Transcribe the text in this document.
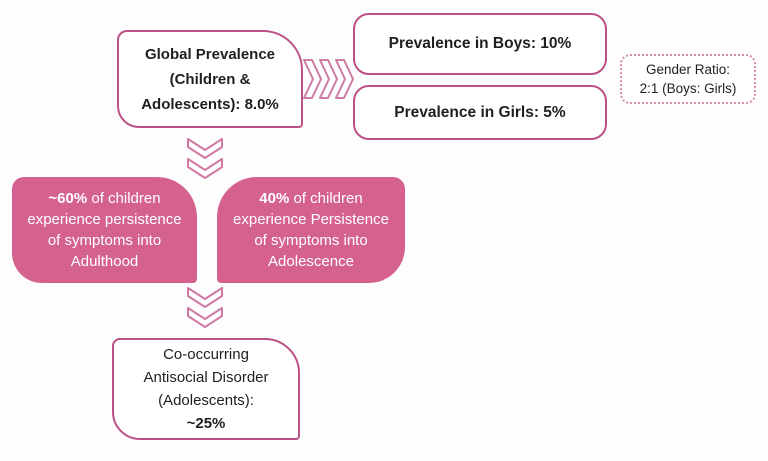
Global Prevalence
(Children &
Adolescents): 8.0%
Prevalence in Boys: 10%
Prevalence in Girls: 5%
Gender Ratio:
2:1 (Boys: Girls)
~60% of children
experience persistence
of symptoms into
Adulthood
40% of children
experience Persistence
of symptoms into
Adolescence
Co-occurring
Antisocial Disorder
(Adolescents):
~25%
